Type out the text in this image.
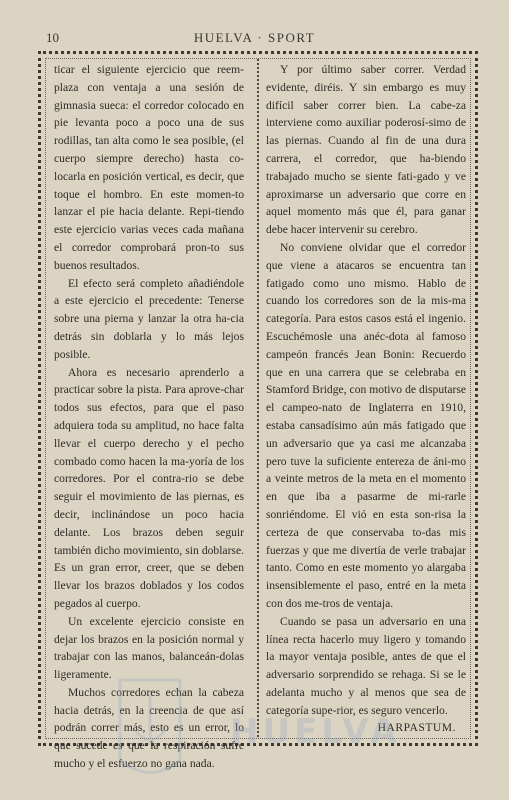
10	HUELVA · SPORT

ticar el siguiente ejercicio que reem-plaza con ventaja a una sesión de gimnasia sueca: el corredor colocado en pie levanta poco a poco una de sus rodillas, tan alta como le sea posible, (el cuerpo siempre derecho) hasta co-locarla en posición vertical, es decir, que toque el hombro. En este momen-to lanzar el pie hacia delante. Repi-tiendo este ejercicio varias veces cada mañana el corredor comprobará pron-to sus buenos resultados.

El efecto será completo añadiéndole a este ejercicio el precedente: Tenerse sobre una pierna y lanzar la otra ha-cia detrás sin doblarla y lo más lejos posible.

Ahora es necesario aprenderlo a practicar sobre la pista. Para aprove-char todos sus efectos, para que el paso adquiera toda su amplitud, no hace falta llevar el cuerpo derecho y el pecho combado como hacen la ma-yoría de los corredores. Por el contra-rio se debe seguir el movimiento de las piernas, es decir, inclinándose un poco hacia delante. Los brazos deben seguir también dicho movimiento, sin doblarse. Es un gran error, creer, que se deben llevar los brazos doblados y los codos pegados al cuerpo.

Un excelente ejercicio consiste en dejar los brazos en la posición normal y trabajar con las manos, balanceán-dolas ligeramente.

Muchos corredores echan la cabeza hacia detrás, en la creencia de que así podrán correr más, esto es un error, lo que sucede es que la respiración sufre mucho y el esfuerzo no gana nada.

Y por último saber correr. Verdad evidente, diréis. Y sin embargo es muy difícil saber correr bien. La cabe-za interviene como auxiliar poderosí-simo de las piernas. Cuando al fin de una dura carrera, el corredor, que ha-biendo trabajado mucho se siente fati-gado y ve aproximarse un adversario que corre en aquel momento más que él, para ganar debe hacer intervenir su cerebro.

No conviene olvidar que el corredor que viene a atacaros se encuentra tan fatigado como uno mismo. Hablo de cuando los corredores son de la mis-ma categoría. Para estos casos está el ingenio. Escuchémosle una anéc-dota al famoso campeón francés Jean Bonin: Recuerdo que en una carrera que se celebraba en Stamford Bridge, con motivo de disputarse el campeo-nato de Inglaterra en 1910, estaba cansadísimo aún más fatigado que un adversario que ya casi me alcanzaba pero tuve la suficiente entereza de áni-mo a veinte metros de la meta en el momento en que iba a pasarme de mi-rarle sonriéndome. El vió en esta son-risa la certeza de que conservaba to-das mis fuerzas y que me divertía de verle trabajar tanto. Como en este momento yo alargaba insensiblemente el paso, entré en la meta con dos me-tros de ventaja.

Cuando se pasa un adversario en una línea recta hacerlo muy ligero y tomando la mayor ventaja posible, antes de que el adversario sorprendido se rehaga. Si se le adelanta mucho y al menos que sea de categoría supe-rior, es seguro vencerlo.

HARPASTUM.

HUELVA
